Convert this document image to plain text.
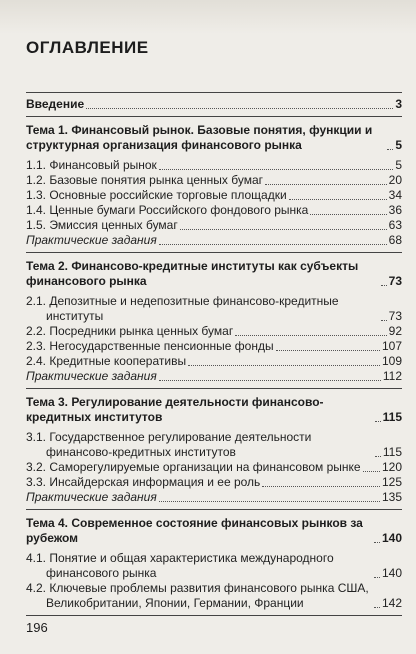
ОГЛАВЛЕНИЕ
Введение	3
Тема 1. Финансовый рынок. Базовые понятия, функции и структурная организация финансового рынка	5
1.1. Финансовый рынок	5
1.2. Базовые понятия рынка ценных бумаг	20
1.3. Основные российские торговые площадки	34
1.4. Ценные бумаги Российского фондового рынка	36
1.5. Эмиссия ценных бумаг	63
Практические задания	68
Тема 2. Финансово-кредитные институты как субъекты финансового рынка	73
2.1. Депозитные и недепозитные финансово-кредитные институты	73
2.2. Посредники рынка ценных бумаг	92
2.3. Негосударственные пенсионные фонды	107
2.4. Кредитные кооперативы	109
Практические задания	112
Тема 3. Регулирование деятельности финансово-кредитных институтов	115
3.1. Государственное регулирование деятельности финансово-кредитных институтов	115
3.2. Саморегулируемые организации на финансовом рынке 120
3.3. Инсайдерская информация и ее роль	125
Практические задания	135
Тема 4. Современное состояние финансовых рынков за рубежом	140
4.1. Понятие и общая характеристика международного финансового рынка	140
4.2. Ключевые проблемы развития финансового рынка США, Великобритании, Японии, Германии, Франции	142
196
